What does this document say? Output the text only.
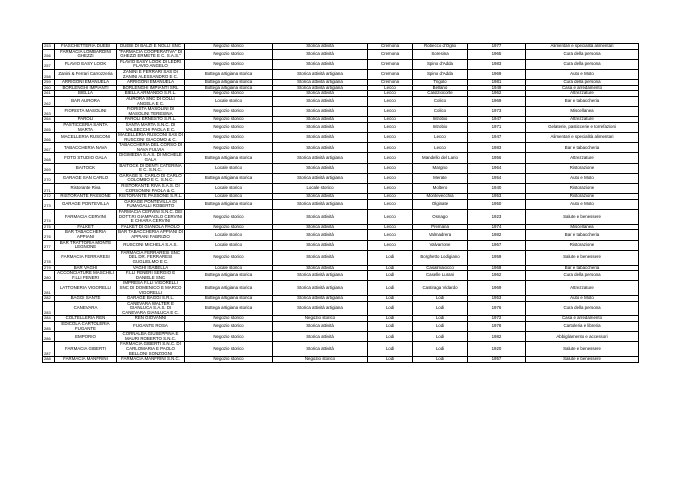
253	FIASCHETTERIA DUEBI	DUEBI DI BALZI E NOLLI SNC	Negozio storico	Storica attività	Cremona	Robecco d'Oglio	1977	Alimentari e specialità alimentari
256	FARMACIA LOMBARDINI GHEZZI	"FARMACIA COOPERATIVA" DI GHEZZI ERMETE E C. S.A.S."	Negozio storico	Storica attività	Cremona	Soresina	1965	Cura della persona
257	FLAVIO EASY LOOK	FLAVIO EASY LOOK DI LEDRI FLAVIO ANGELO	Negozio storico	Storica attività	Cremona	Spino d'Adda	1983	Cura della persona
258	Zanini & Ferrari Carrozzeria	ZANINI E FERRARI SAS DI ZANINI ALESSANDRO E C.	Bottega artigiana storica	Storica attività artigiana	Cremona	Spino d'Adda	1969	Auto e Moto
259	ARRIGONI EMANUELA	ARRIGONI EMANUELA	Bottega artigiana storica	Storica attività artigiana	Cremona	Trigolo	1981	Cura della persona
260	BORLENGHI IMPIANTI	BORLENGHI IMPIANTI SRL	Bottega artigiana storica	Storica attività artigiana	Lecco	Bellano	1949	Casa e arredamento
261	BIELLA	BIELLA ARMANDO S.R.L.	Negozio storico	Storica attività	Lecco	Calolziocorte	1962	Attrezzature
262	BAR AURORA	AURORA SNC DI COLLI ANGELA E C.	Locale storico	Storica attività	Lecco	Colico	1969	Bar e tabaccheria
263	FIORISTA MASOLINI	FIORISTA MASOLINI DI MASOLINI TERESINA	Negozio storico	Storica attività	Lecco	Colico	1973	Miscellanea
264	PAROLI	PAROLI ERNESTO S.R.L.	Negozio storico	Storica attività	Lecco	Introbio	1947	Attrezzature
265	PASTICCERIA SANTA MARTA	SANTA MARTA S.N.C. DI VALSECCHI PAOLA E C.	Negozio storico	Storica attività	Lecco	Introbio	1971	Gelaterie, pasticcerie e torrefazioni
266	MACELLERIA RUSCONI	MACELLERIA RUSCONI SAS DI RUSCONI GIACOMO & C.	Negozio storico	Storica attività	Lecco	Lecco	1947	Alimentari e specialità alimentari
267	TABACCHERIA NAVA	TABACCHERIA DEL CORSO DI NAVA FULVIA	Negozio storico	Storica attività	Lecco	Lecco	1983	Bar e tabaccheria
268	FOTO STUDIO GALA	DIGIMEDIA S.A.S. DI MICHELE GALA	Bottega artigiana storica	Storica attività artigiana	Lecco	Mandello del Lario	1956	Attrezzature
269	BAITOCK	BAITOCK DI DENTI CATERINA E C. S.N.C.	Locale storico	Storica attività	Lecco	Margno	1964	Ristorazione
270	GARAGE SAN CARLO	GARAGE S. CARLO DI CARLO COLOMBO E C. S.N.C.	Bottega artigiana storica	Storica attività artigiana	Lecco	Merate	1954	Auto e Moto
271	Ristorante Riva	RISTORANTE RIVA S.A.S. DI CORSONINI PAOLA & C.	Locale storico	Locale storico	Lecco	Moltero	1940	Ristorazione
272	RISTORANTE PASSONE	RISTORANTE PASSONE S.R.L.	Locale storico	Storica attività	Lecco	Montevecchia	1953	Ristorazione
273	GARAGE PONTEVILLA	GARAGE PONTEVILLA DI FUMAGALLI ROBERTO	Bottega artigiana storica	Storica attività artigiana	Lecco	Olginate	1950	Auto e Moto
274	FARMACIA CERVINI	FARMACIA CERVINI S.N.C. DEI DOTT.RI GIAMPAOLO CERVINI E CHIARA CERVINI	Negozio storico	Storica attività	Lecco	Osnago	1923	Salute e benessere
275	FALKET	FALKET DI GIANOLA PAOLO	Negozio storico	Storica attività	Lecco	Premana	1974	Miscellanea
276	BAR TABACCHERIA APPIANI	BAR TABACCHERIA APPIANI DI APPIANI FABRIZIO	Locale storico	Storica attività	Lecco	Valmadrera	1982	Bar e tabaccheria
277	BAR TRATTORIA MONTE LEGNONE	RUSCONI MICHELA S.A.S.	Locale storico	Storica attività	Lecco	Valvarrone	1967	Ristorazione
278	FARMACIA FERRARESI	FARMACIA FERRARESI SNC DEL DR. FERRARESI GUGLIELMO E C.	Negozio storico	Storica attività	Lodi	Borghetto Lodigiano	1959	Salute e benessere
279	BAR VAGHI	VAGHI ISABELLA	Locale storico	Storica attività	Lodi	Casalmaiocco	1968	Bar e tabaccheria
280	ACCONCIATURE MASCHILI F.LLI FENERI	F.LLI FENERI SERGIO E DANIELE SNC	Bottega artigiana storica	Storica attività artigiana	Lodi	Caselle Lurani	1962	Cura della persona
281	LATTONERIA VIGORELLI	IMPRESA F.LLI VIGORELLI SNC DI DOMENICO E MARCO VIGORELLI	Bottega artigiana storica	Storica attività artigiana	Lodi	Castiraga Vidardo	1969	Attrezzature
282	BAGGI SANTE	GARAGE BAGGI S.R.L.	Bottega artigiana storica	Storica attività artigiana	Lodi	Lodi	1953	Auto e Moto
283	CANEVARA	CANEVARA WALTER E GIANLUCA S.A.S. DI CANEVARA GIANLUCA E C.	Bottega artigiana storica	Storica attività artigiana	Lodi	Lodi	1976	Cura della persona
284	COLTELLERIA REN	REN GIOVANNI	Negozio storico	Negozio storico	Lodi	Lodi	1972	Casa e arredamento
285	EDICOLA CARTOLERIA FUGANTE	FUGANTE ROSA	Negozio storico	Storica attività	Lodi	Lodi	1978	Cartoleria e libreria
286	EMPORIO	CORNALBA GIUSEPPINA E MAURI ROBERTO S.N.C.	Negozio storico	Storica attività	Lodi	Lodi	1982	Abbigliamento e accessori
287	FARMACIA GIBERTI	FARMACIA GIBERTI S.N.C. DI CARLOMARIA E PAOLO BELLONI SONZOGNI	Negozio storico	Storica attività	Lodi	Lodi	1920	Salute e benessere
288	FARMACIA MANFRINI	FARMACIA MANFRINI S.N.C.	Negozio storico	Negozio storico	Lodi	Lodi	1957	Salute e benessere
